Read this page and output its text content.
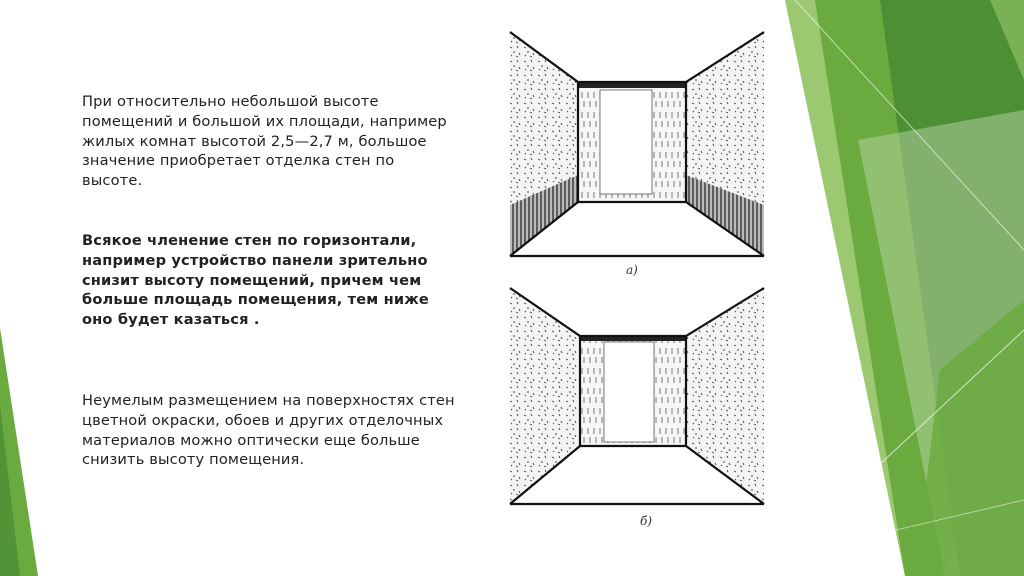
При относительно небольшой высоте помещений и большой их площади, например жилых комнат высотой 2,5—2,7 м, большое значение приобретает отделка стен по высоте.
Всякое членение стен по горизонтали, например устройство панели зрительно снизит высоту помещений, причем чем больше площадь помещения, тем ниже оно будет казаться .
Неумелым размещением на поверхностях стен цветной окраски, обоев и других отделочных материалов можно оптически еще больше снизить высоту помещения.
а)
б)
